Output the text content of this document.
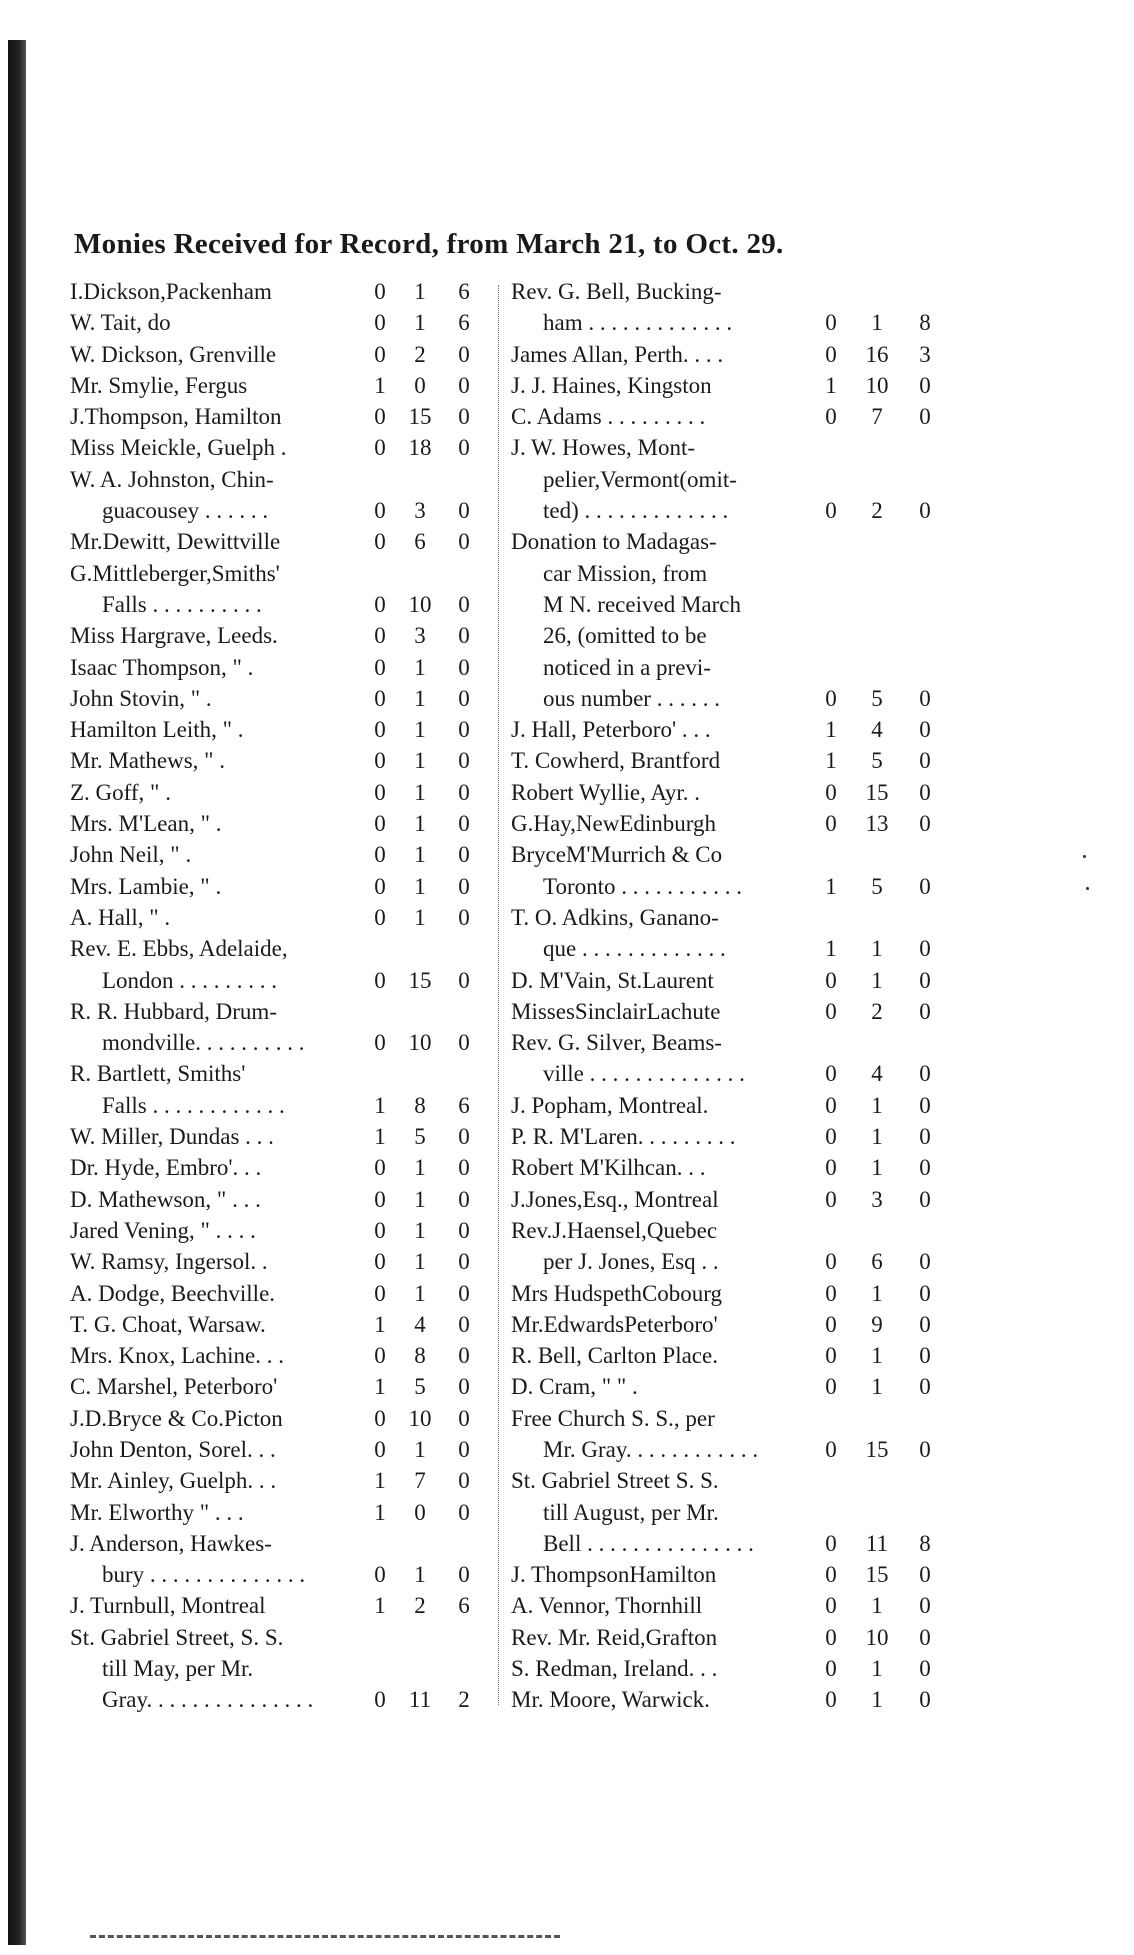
Monies Received for Record, from March 21, to Oct. 29.
I.Dickson,Packenham	0	1	6
W. Tait, do	0	1	6
W. Dickson, Grenville	0	2	0
Mr. Smylie, Fergus	1	0	0
J.Thompson, Hamilton	0 15	0
Miss Meickle, Guelph .	0 18	0
W. A. Johnston, Chin-
guacousey . . . . . .	0	3	0
Mr.Dewitt, Dewittville	0	6	0
G.Mittleberger,Smiths'
Falls . . . . . . . . . .	0 10	0
Miss Hargrave, Leeds.	0	3	0
Isaac Thompson, " .	0	1	0
John Stovin, " .	0	1	0
Hamilton Leith, " .	0	1	0
Mr. Mathews, " .	0	1	0
Z. Goff, " .	0	1	0
Mrs. M'Lean, " .	0	1	0
John Neil, " .	0	1	0
Mrs. Lambie, " .	0	1	0
A. Hall, " .	0	1	0
Rev. E. Ebbs, Adelaide,
London . . . . . . . . .	0 15	0
R. R. Hubbard, Drum-
mondville. . . . . . . . . .	0 10	0
R. Bartlett, Smiths'
Falls . . . . . . . . . . . .	1	8	6
W. Miller, Dundas . . .	1	5	0
Dr. Hyde, Embro'. . .	0	1	0
D. Mathewson, " . . .	0	1	0
Jared Vening, " . . . .	0	1	0
W. Ramsy, Ingersol. .	0	1	0
A. Dodge, Beechville.	0	1	0
T. G. Choat, Warsaw.	1	4	0
Mrs. Knox, Lachine. . .	0	8	0
C. Marshel, Peterboro'	1	5	0
J.D.Bryce & Co.Picton	0 10	0
John Denton, Sorel. . .	0	1	0
Mr. Ainley, Guelph. . .	1	7	0
Mr. Elworthy " . . .	1	0	0
J. Anderson, Hawkes-
bury . . . . . . . . . . . . . .	0	1	0
J. Turnbull, Montreal	1	2	6
St. Gabriel Street, S. S.
till May, per Mr.
Gray. . . . . . . . . . . . . . .	0	11	2
Rev. G. Bell, Bucking-
ham . . . . . . . . . . . . .	0	1	8
James Allan, Perth. . . .	0	16	3
J. J. Haines, Kingston	1	10	0
C. Adams . . . . . . . . .	0	7	0
J. W. Howes, Mont-
pelier,Vermont(omit-
ted) . . . . . . . . . . . . .	0	2	0
Donation to Madagas-
car Mission, from
M N. received March
26, (omitted to be
noticed in a previ-
ous number . . . . . .	0	5	0
J. Hall, Peterboro' . . .	1	4	0
T. Cowherd, Brantford	1	5	0
Robert Wyllie, Ayr. .	0	15	0
G.Hay,NewEdinburgh	0	13	0
BryceM'Murrich & Co
Toronto . . . . . . . . . . .	1	5	0
T. O. Adkins, Ganano-
que . . . . . . . . . . . . .	1	1	0
D. M'Vain, St.Laurent	0	1	0
MissesSinclairLachute	0	2	0
Rev. G. Silver, Beams-
ville . . . . . . . . . . . . . .	0	4	0
J. Popham, Montreal.	0	1	0
P. R. M'Laren. . . . . . . . .	0	1	0
Robert M'Kilhcan. . .	0	1	0
J.Jones,Esq., Montreal	0	3	0
Rev.J.Haensel,Quebec
per J. Jones, Esq . .	0	6	0
Mrs HudspethCobourg	0	1	0
Mr.EdwardsPeterboro'	0	9	0
R. Bell, Carlton Place.	0	1	0
D. Cram, " " .	0	1	0
Free Church S. S., per
Mr. Gray. . . . . . . . . . . .	0	15	0
St. Gabriel Street S. S.
till August, per Mr.
Bell . . . . . . . . . . . . . . .	0	11	8
J. ThompsonHamilton	0	15	0
A. Vennor, Thornhill	0	1	0
Rev. Mr. Reid,Grafton	0	10	0
S. Redman, Ireland. . .	0	1	0
Mr. Moore, Warwick.	0	1	0
